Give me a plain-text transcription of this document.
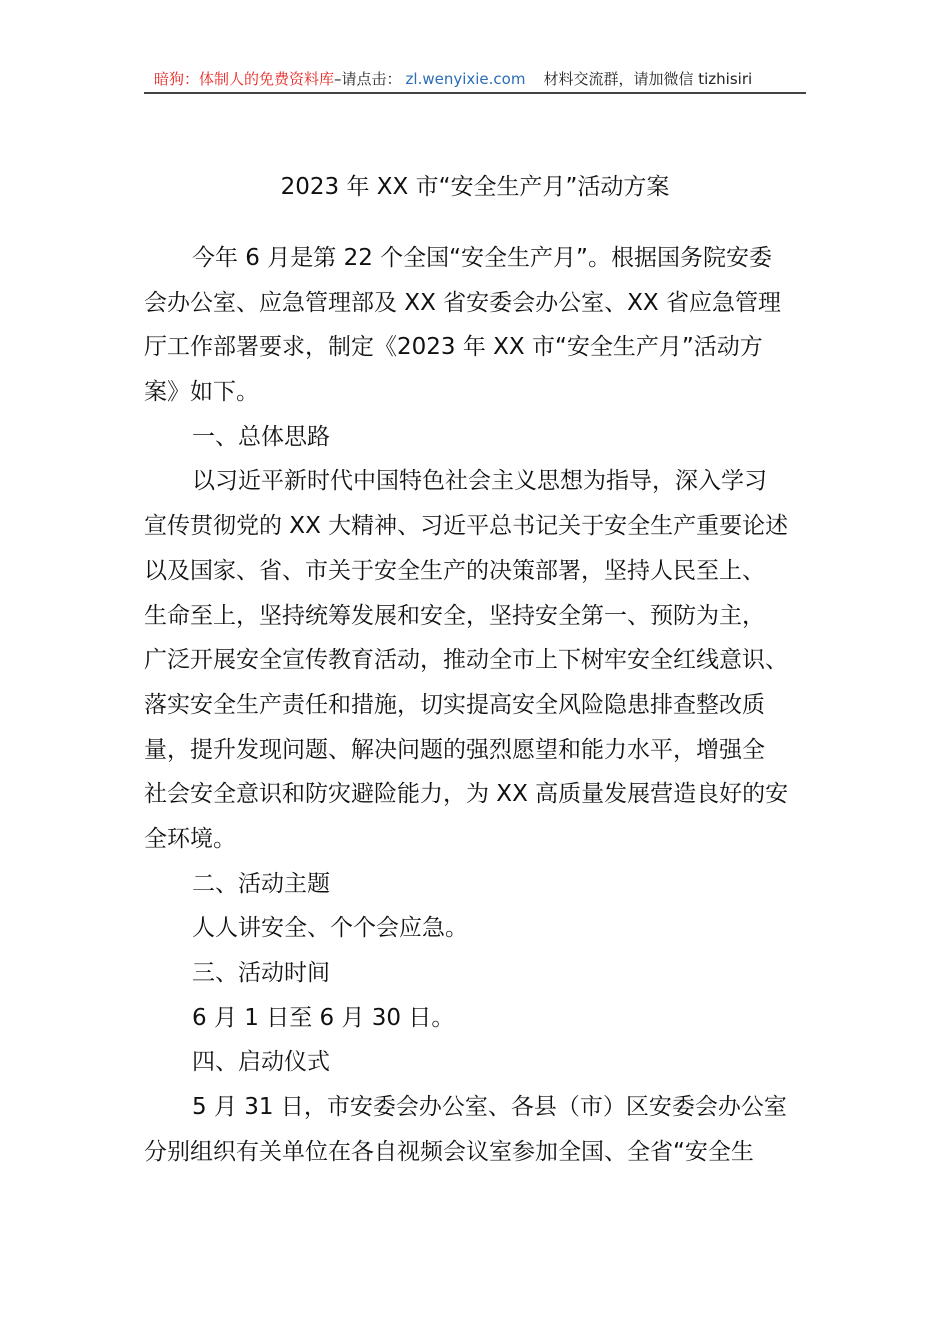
暗狗：体制人的免费资料库 –请点击： zl.wenyixie.com 材料交流群，请加微信 tizhisiri
2023 年 XX 市“安全生产月”活动方案
今年 6 月是第 22 个全国“安全生产月”。根据国务院安委
会办公室、应急管理部及 XX 省安委会办公室、XX 省应急管理
厅工作部署要求，制定《2023 年 XX 市“安全生产月”活动方
案》如下。
一、总体思路
以习近平新时代中国特色社会主义思想为指导，深入学习
宣传贯彻党的 XX 大精神、习近平总书记关于安全生产重要论述
以及国家、省、市关于安全生产的决策部署，坚持人民至上、
生命至上，坚持统筹发展和安全，坚持安全第一、预防为主，
广泛开展安全宣传教育活动，推动全市上下树牢安全红线意识、
落实安全生产责任和措施，切实提高安全风险隐患排查整改质
量，提升发现问题、解决问题的强烈愿望和能力水平，增强全
社会安全意识和防灾避险能力，为 XX 高质量发展营造良好的安
全环境。
二、活动主题
人人讲安全、个个会应急。
三、活动时间
6 月 1 日至 6 月 30 日。
四、启动仪式
5 月 31 日，市安委会办公室、各县（市）区安委会办公室
分别组织有关单位在各自视频会议室参加全国、全省“安全生
